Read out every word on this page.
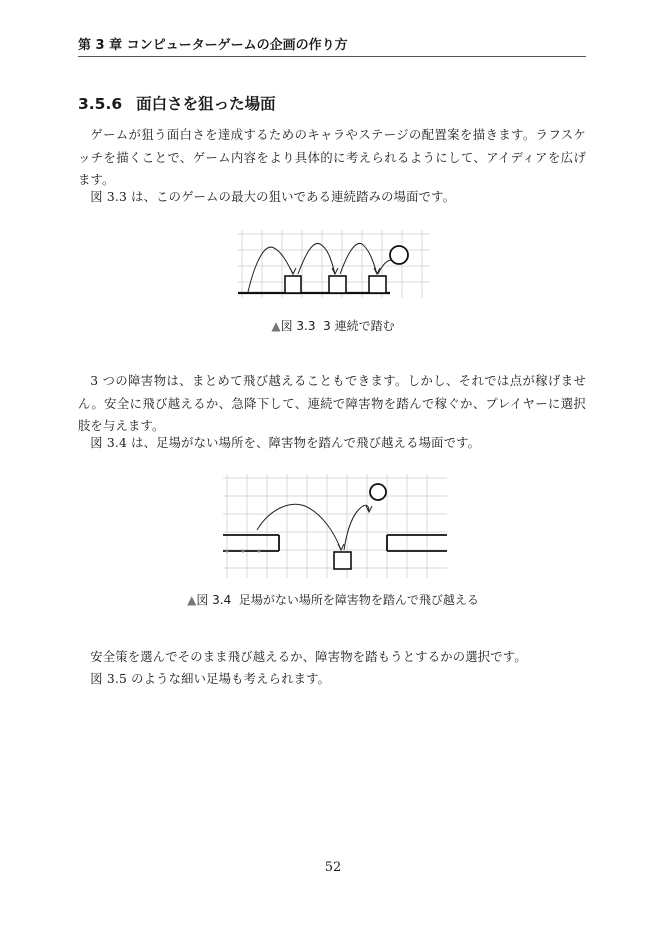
第 3 章 コンピューターゲームの企画の作り方
3.5.6 面白さを狙った場面

ゲームが狙う面白さを達成するためのキャラやステージの配置案を描きます。ラフスケッチを描くことで、ゲーム内容をより具体的に考えられるようにして、アイディアを広げます。

図 3.3 は、このゲームの最大の狙いである連続踏みの場面です。

▲図 3.3 3 連続で踏む

3 つの障害物は、まとめて飛び越えることもできます。しかし、それでは点が稼げません。安全に飛び越えるか、急降下して、連続で障害物を踏んで稼ぐか、プレイヤーに選択肢を与えます。

図 3.4 は、足場がない場所を、障害物を踏んで飛び越える場面です。

▲図 3.4 足場がない場所を障害物を踏んで飛び越える

安全策を選んでそのまま飛び越えるか、障害物を踏もうとするかの選択です。

図 3.5 のような細い足場も考えられます。

52
